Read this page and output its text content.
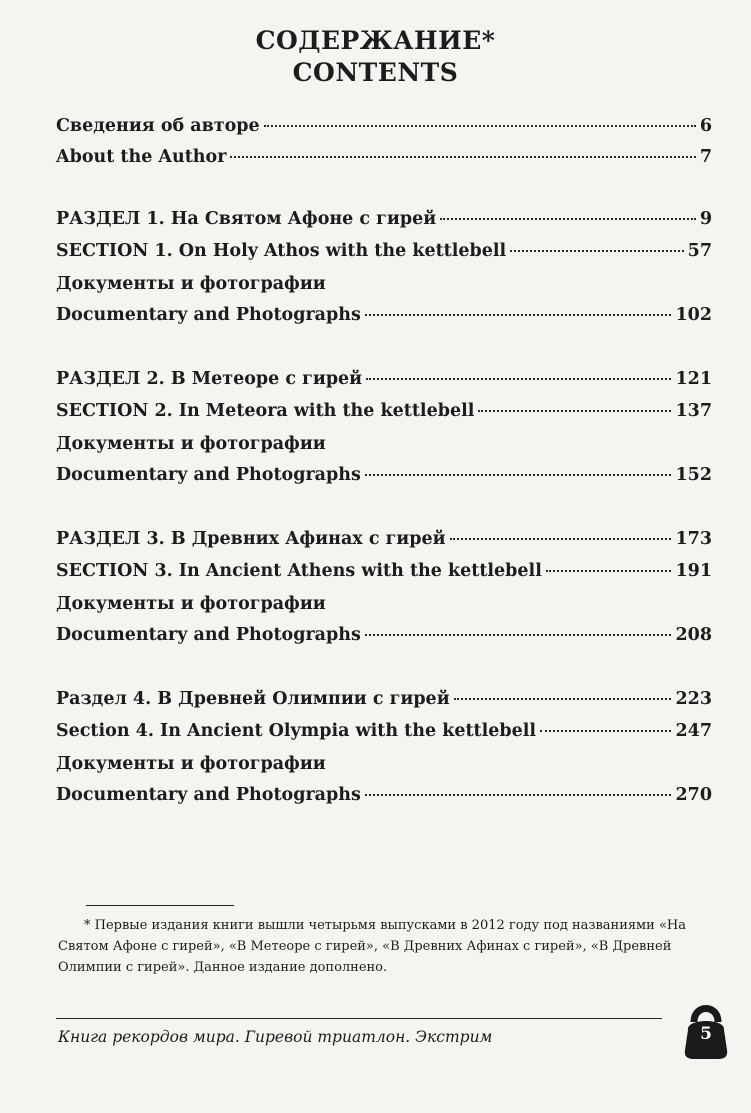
СОДЕРЖАНИЕ*
CONTENTS
Сведения об авторе	6
About the Author	7
РАЗДЕЛ 1. На Святом Афоне с гирей	9
SECTION 1. On Holy Athos with the kettlebell	57
Документы и фотографии
Documentary and Photographs	102
РАЗДЕЛ 2. В Метеоре с гирей	121
SECTION 2. In Meteora with the kettlebell	137
Документы и фотографии
Documentary and Photographs	152
РАЗДЕЛ 3. В Древних Афинах с гирей	173
SECTION 3. In Ancient Athens with the kettlebell	191
Документы и фотографии
Documentary and Photographs	208
Раздел 4. В Древней Олимпии с гирей	223
Section 4. In Ancient Olympia with the kettlebell	247
Документы и фотографии
Documentary and Photographs	270
* Первые издания книги вышли четырьмя выпусками в 2012 году под названиями «На Святом Афоне с гирей», «В Метеоре с гирей», «В Древних Афинах с гирей», «В Древней Олимпии с гирей». Данное издание дополнено.
Книга рекордов мира. Гиревой триатлон. Экстрим	5
